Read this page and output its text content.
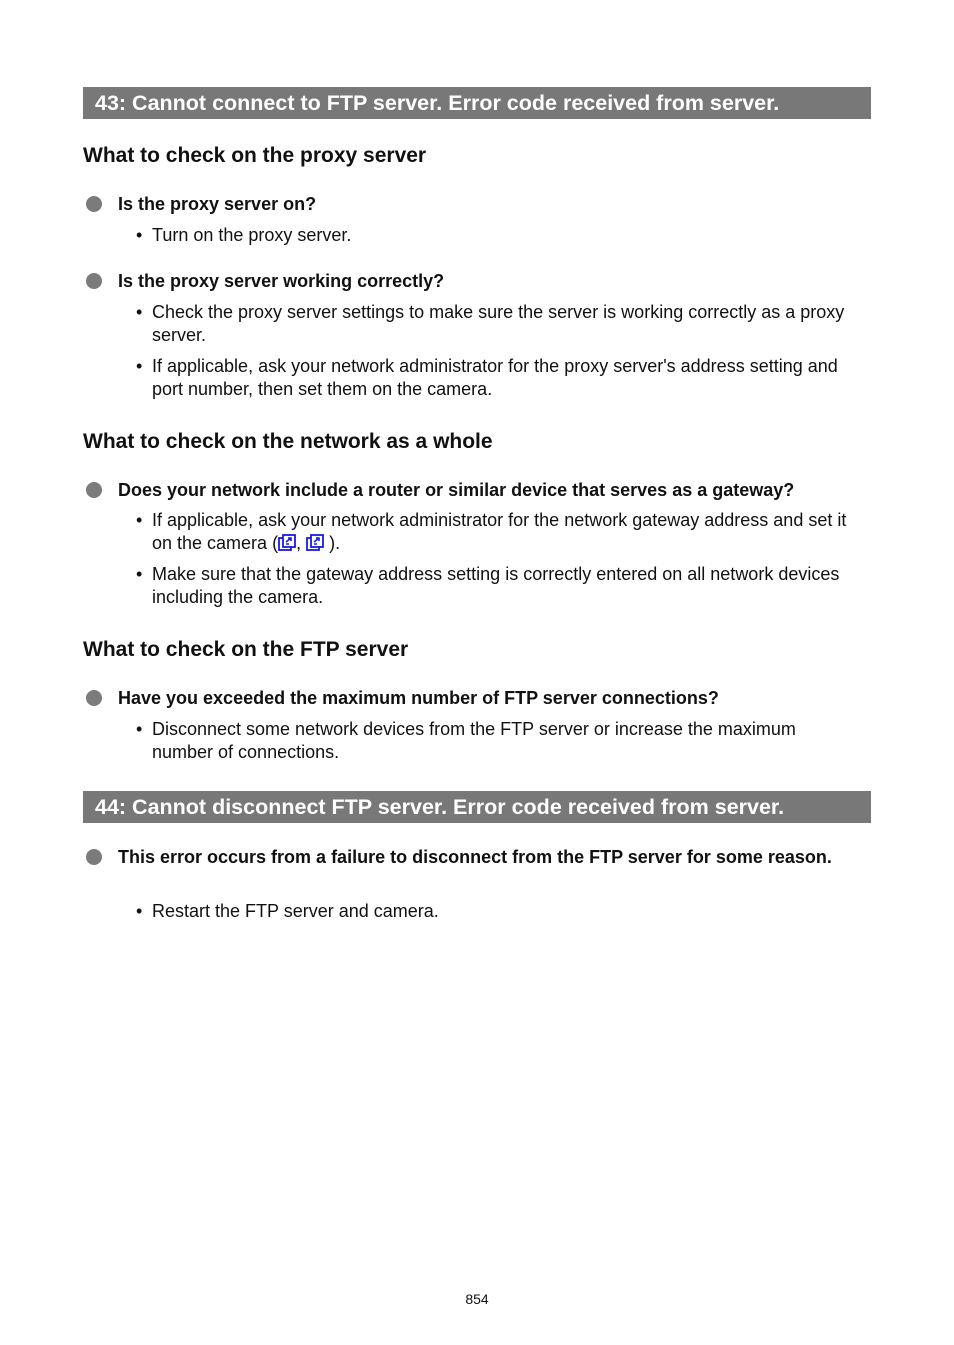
43: Cannot connect to FTP server. Error code received from server.
What to check on the proxy server
Is the proxy server on?
• Turn on the proxy server.
Is the proxy server working correctly?
• Check the proxy server settings to make sure the server is working correctly as a proxy server.
• If applicable, ask your network administrator for the proxy server's address setting and port number, then set them on the camera.
What to check on the network as a whole
Does your network include a router or similar device that serves as a gateway?
• If applicable, ask your network administrator for the network gateway address and set it on the camera ( , ).
• Make sure that the gateway address setting is correctly entered on all network devices including the camera.
What to check on the FTP server
Have you exceeded the maximum number of FTP server connections?
• Disconnect some network devices from the FTP server or increase the maximum number of connections.
44: Cannot disconnect FTP server. Error code received from server.
This error occurs from a failure to disconnect from the FTP server for some reason.
• Restart the FTP server and camera.
854
